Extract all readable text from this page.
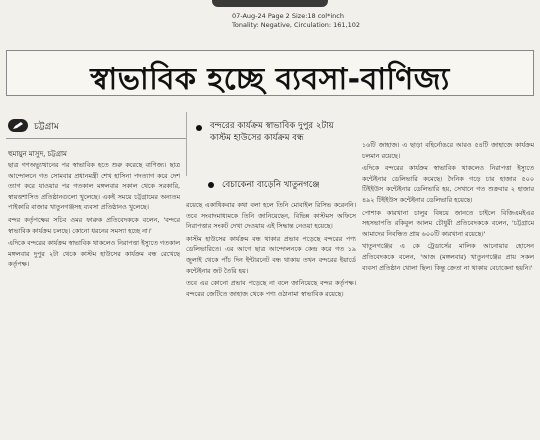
07-Aug-24 Page 2 Size:18 col*inch
Tonality: Negative, Circulation: 161,102
স্বাভাবিক হচ্ছে ব্যবসা-বাণিজ্য
চট্টগ্রাম
হুমায়ুন মাসুদ, চট্টগ্রাম
বন্দরের কার্যক্রম স্বাভাবিক দুপুর ২টায় কাস্টম হাউসের কার্যক্রম বন্ধ
বেচাকেনা বাড়েনি খাতুনগঞ্জে

ছাত্র গণঅভ্যুত্থানের পর স্বাভাবিক হতে শুরু করেছে বাণিজ্য। ছাত্র আন্দোলনে গত সোমবার প্রধানমন্ত্রী শেখ হাসিনা পদত্যাগ করে দেশ ত্যাগ করে যাওয়ার পর গতকাল মঙ্গলবার সকাল থেকে সরকারি, স্বায়ত্তশাসিত প্রতিষ্ঠানগুলো খুলেছে। একই সময়ে চট্টগ্রামের অন্যতম পাইকারি বাজার খাতুনগঞ্জসহ ব্যবসা প্রতিষ্ঠানও খুলেছে।

বন্দর কর্তৃপক্ষের সচিব ওমর ফারুক প্রতিবেদককে বলেন, 'বন্দরে স্বাভাবিক কার্যক্রম চলছে। কোনো ধরনের সমস্যা হচ্ছে না।'

এদিকে বন্দরের কার্যক্রম স্বাভাবিক থাকলেও নিরাপত্তা ইস্যুতে গতকাল মঙ্গলবার দুপুর ২টা থেকে কাস্টম হাউসের কার্যক্রম বন্ধ রেখেছে কর্তৃপক্ষ।

রয়েছে একাধিকবার কথা বলা হলে তিনি মোবাইল রিসিভ করেননি। তবে সংবাদমাধ্যমকে তিনি জানিয়েছেন, বিভিন্ন কাস্টমস অফিসে নিরাপত্তার সংকট দেখা দেওয়ায় এই সিদ্ধান্ত নেওয়া হয়েছে।

কাস্টম হাউসের কার্যক্রম বন্ধ থাকার প্রভাব পড়েছে বন্দরের পণ্য ডেলিভারিতে। এর আগে ছাত্র আন্দোলনকে কেন্দ্র করে গত ১৯ জুলাই থেকে পাঁচ দিন ইন্টারনেট বন্ধ থাকায় তখন বন্দরের ইয়ার্ডে কন্টেইনার জট তৈরি হয়।

তবে এর কোনো প্রভাব পড়েছে না বলে জানিয়েছে বন্দর কর্তৃপক্ষ। বন্দরের জেটিতে জাহাজ থেকে পণ্য ওঠানামা স্বাভাবিক রয়েছে।

১৬টি জাহাজ। এ ছাড়া বহির্নোঙরে আরও ৫৪টি জাহাজে কার্যক্রম চলমান রয়েছে।

এদিকে বন্দরের কার্যক্রম স্বাভাবিক থাকলেও নিরাপত্তা ইস্যুতে কন্টেইনার ডেলিভারি কমেছে। দৈনিক গড়ে চার হাজার ৫০০ টিইইউস কন্টেইনার ডেলিভারি হয়, সেখানে গত শুক্রবার ২ হাজার ৪৯২ টিইইউস কন্টেইনার ডেলিভারি হয়েছে।

পোশাক কারখানা চালুর বিষয়ে জানতে চাইলে বিজিএমইএর সহসভাপতি রকিবুল আলম চৌধুরী প্রতিবেদককে বলেন, 'চট্টগ্রামে আমাদের নিবন্ধিত প্রায় ৬০০টি কারখানা রয়েছে।'

খাতুনগঞ্জের এ কে ট্রেডার্সের মালিক আনোয়ার হোসেন প্রতিবেদককে বলেন, 'আজ (মঙ্গলবার) খাতুনগঞ্জের প্রায় সকল ব্যবসা প্রতিষ্ঠান খোলা ছিল। কিন্তু ক্রেতা না থাকায় বেচাকেনা হয়নি।'
